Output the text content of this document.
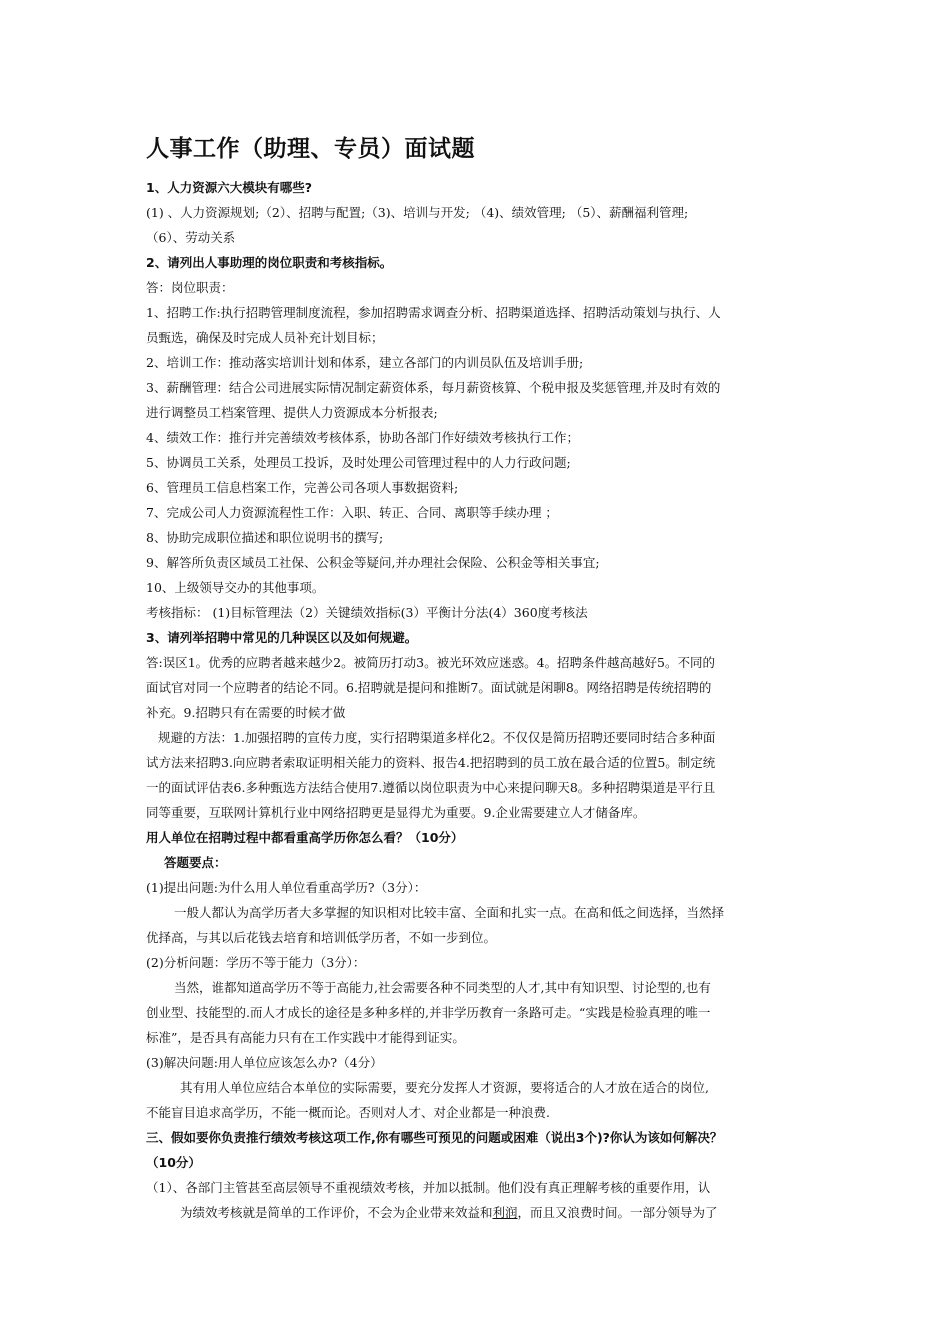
人事工作（助理、专员）面试题

1、人力资源六大模块有哪些?

(1) 、人力资源规划;（2）、招聘与配置;（3)、培训与开发; （4)、绩效管理; （5）、薪酬福利管理;

（6）、劳动关系

2、请列出人事助理的岗位职责和考核指标。

答：岗位职责：

1、招聘工作:执行招聘管理制度流程，参加招聘需求调查分析、招聘渠道选择、招聘活动策划与执行、人

员甄选，确保及时完成人员补充计划目标；

2、培训工作：推动落实培训计划和体系，建立各部门的内训员队伍及培训手册;

3、薪酬管理：结合公司进展实际情况制定薪资体系，每月薪资核算、个税申报及奖惩管理,并及时有效的

进行调整员工档案管理、提供人力资源成本分析报表;

4、绩效工作：推行并完善绩效考核体系，协助各部门作好绩效考核执行工作；

5、协调员工关系，处理员工投诉，及时处理公司管理过程中的人力行政问题;

6、管理员工信息档案工作，完善公司各项人事数据资料;

7、完成公司人力资源流程性工作：入职、转正、合同、离职等手续办理 ；

8、协助完成职位描述和职位说明书的撰写;

9、解答所负责区域员工社保、公积金等疑问,并办理社会保险、公积金等相关事宜;

10、上级领导交办的其他事项。

考核指标： (1)目标管理法（2）关键绩效指标(3）平衡计分法(4）360度考核法

3、请列举招聘中常见的几种误区以及如何规避。

答:误区1。优秀的应聘者越来越少2。被简历打动3。被光环效应迷惑。4。招聘条件越高越好5。不同的

面试官对同一个应聘者的结论不同。6.招聘就是提问和推断7。面试就是闲聊8。网络招聘是传统招聘的

补充。9.招聘只有在需要的时候才做

规避的方法：1.加强招聘的宣传力度，实行招聘渠道多样化2。不仅仅是简历招聘还要同时结合多种面

试方法来招聘3.向应聘者索取证明相关能力的资料、报告4.把招聘到的员工放在最合适的位置5。制定统

一的面试评估表6.多种甄选方法结合使用7.遵循以岗位职责为中心来提问聊天8。多种招聘渠道是平行且

同等重要，互联网计算机行业中网络招聘更是显得尤为重要。9.企业需要建立人才储备库。

用人单位在招聘过程中都看重高学历你怎么看？（10分）

答题要点：

(1)提出问题:为什么用人单位看重高学历?（3分）：

一般人都认为高学历者大多掌握的知识相对比较丰富、全面和扎实一点。在高和低之间选择，当然择

优择高，与其以后花钱去培育和培训低学历者，不如一步到位。

(2)分析问题：学历不等于能力（3分）：

当然，谁都知道高学历不等于高能力,社会需要各种不同类型的人才,其中有知识型、讨论型的,也有

创业型、技能型的.而人才成长的途径是多种多样的,并非学历教育一条路可走。“实践是检验真理的唯一

标准”，是否具有高能力只有在工作实践中才能得到证实。

(3)解决问题:用人单位应该怎么办?（4分）

其有用人单位应结合本单位的实际需要，要充分发挥人才资源，要将适合的人才放在适合的岗位,

不能盲目追求高学历，不能一概而论。否则对人才、对企业都是一种浪费.

三、假如要你负责推行绩效考核这项工作,你有哪些可预见的问题或困难（说出3个)?你认为该如何解决？

（10分）

（1）、各部门主管甚至高层领导不重视绩效考核，并加以抵制。他们没有真正理解考核的重要作用，认

为绩效考核就是简单的工作评价，不会为企业带来效益和利润，而且又浪费时间。一部分领导为了
